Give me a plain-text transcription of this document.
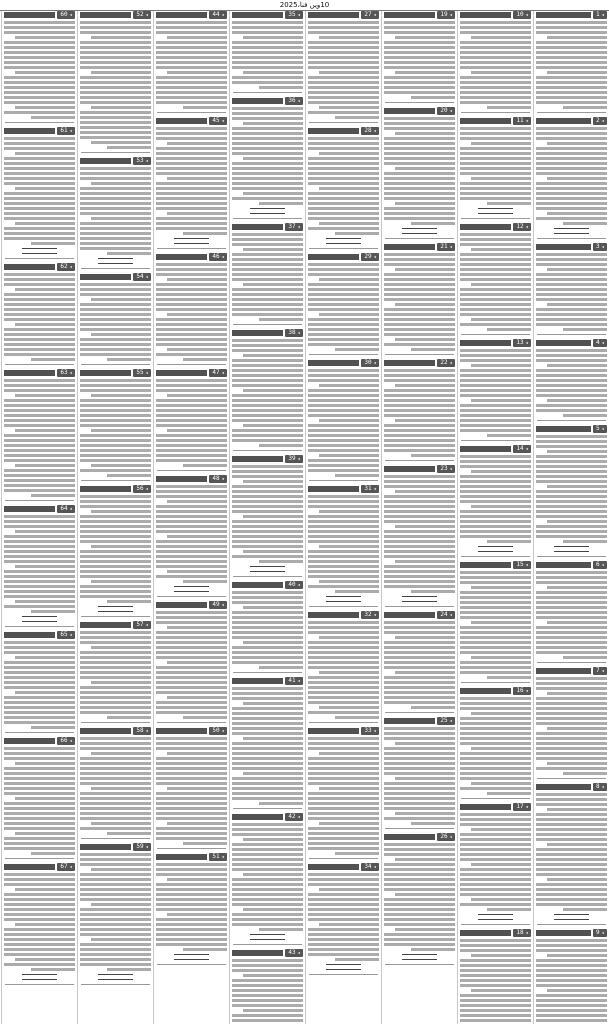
10ویں فنا،2025
◀ 1
◀ 2
◀ 3
◀ 4
◀ 5
◀ 6
◀ 7
◀ 8
◀ 9
◀ 10
◀ 11
◀ 12
◀ 13
◀ 14
◀ 15
◀ 16
◀ 17
◀ 18
◀ 19
◀ 20
◀ 21
◀ 22
◀ 23
◀ 24
◀ 25
◀ 26
◀ 27
◀ 28
◀ 29
◀ 30
◀ 31
◀ 32
◀ 33
◀ 34
◀ 35
◀ 36
◀ 37
◀ 38
◀ 39
◀ 40
◀ 41
◀ 42
◀ 43
◀ 44
◀ 45
◀ 46
◀ 47
◀ 48
◀ 49
◀ 50
◀ 51
◀ 52
◀ 53
◀ 54
◀ 55
◀ 56
◀ 57
◀ 58
◀ 59
◀ 60
◀ 61
◀ 62
◀ 63
◀ 64
◀ 65
◀ 66
◀ 67
